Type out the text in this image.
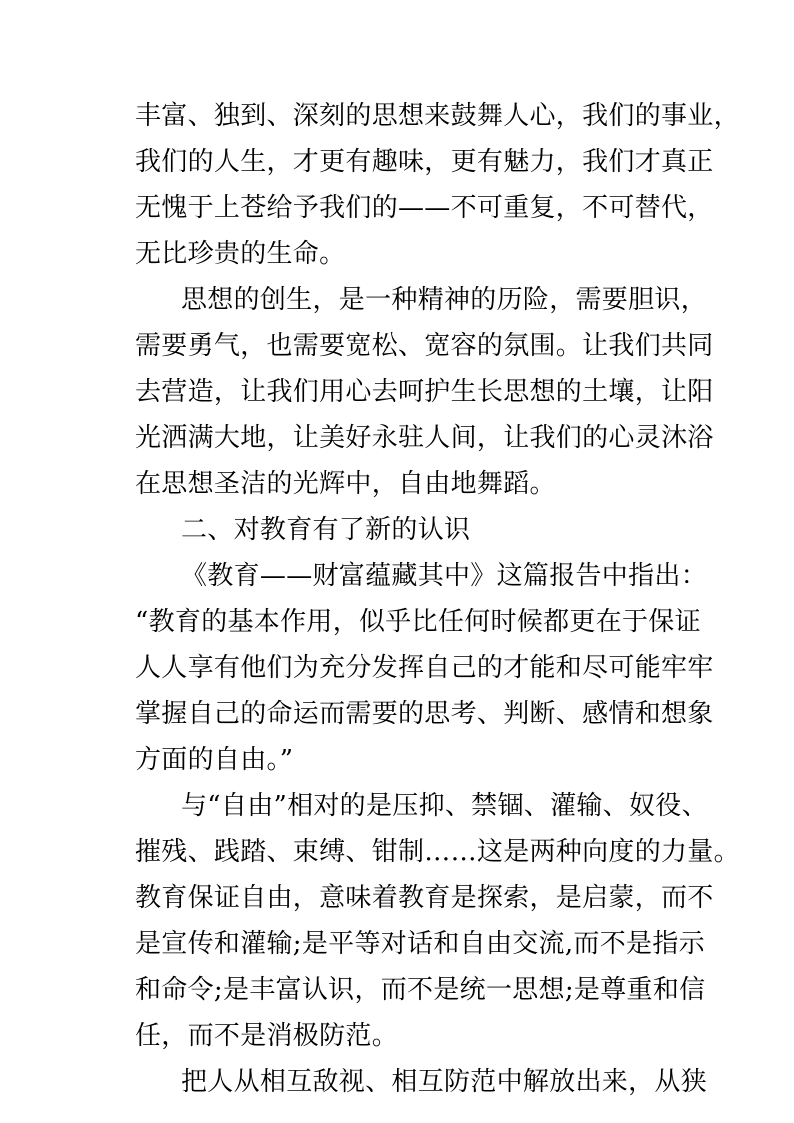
丰富、独到、深刻的思想来鼓舞人心，我们的事业，
我们的人生，才更有趣味，更有魅力，我们才真正
无愧于上苍给予我们的——不可重复，不可替代，
无比珍贵的生命。
思想的创生，是一种精神的历险，需要胆识，
需要勇气，也需要宽松、宽容的氛围。让我们共同
去营造，让我们用心去呵护生长思想的土壤，让阳
光洒满大地，让美好永驻人间，让我们的心灵沐浴
在思想圣洁的光辉中，自由地舞蹈。
二、对教育有了新的认识
《教育——财富蕴藏其中》这篇报告中指出：
“教育的基本作用，似乎比任何时候都更在于保证
人人享有他们为充分发挥自己的才能和尽可能牢牢
掌握自己的命运而需要的思考、判断、感情和想象
方面的自由。”
与“自由”相对的是压抑、禁锢、灌输、奴役、
摧残、践踏、束缚、钳制……这是两种向度的力量。
教育保证自由，意味着教育是探索，是启蒙，而不
是宣传和灌输;是平等对话和自由交流,而不是指示
和命令;是丰富认识，而不是统一思想;是尊重和信
任，而不是消极防范。
把人从相互敌视、相互防范中解放出来，从狭
